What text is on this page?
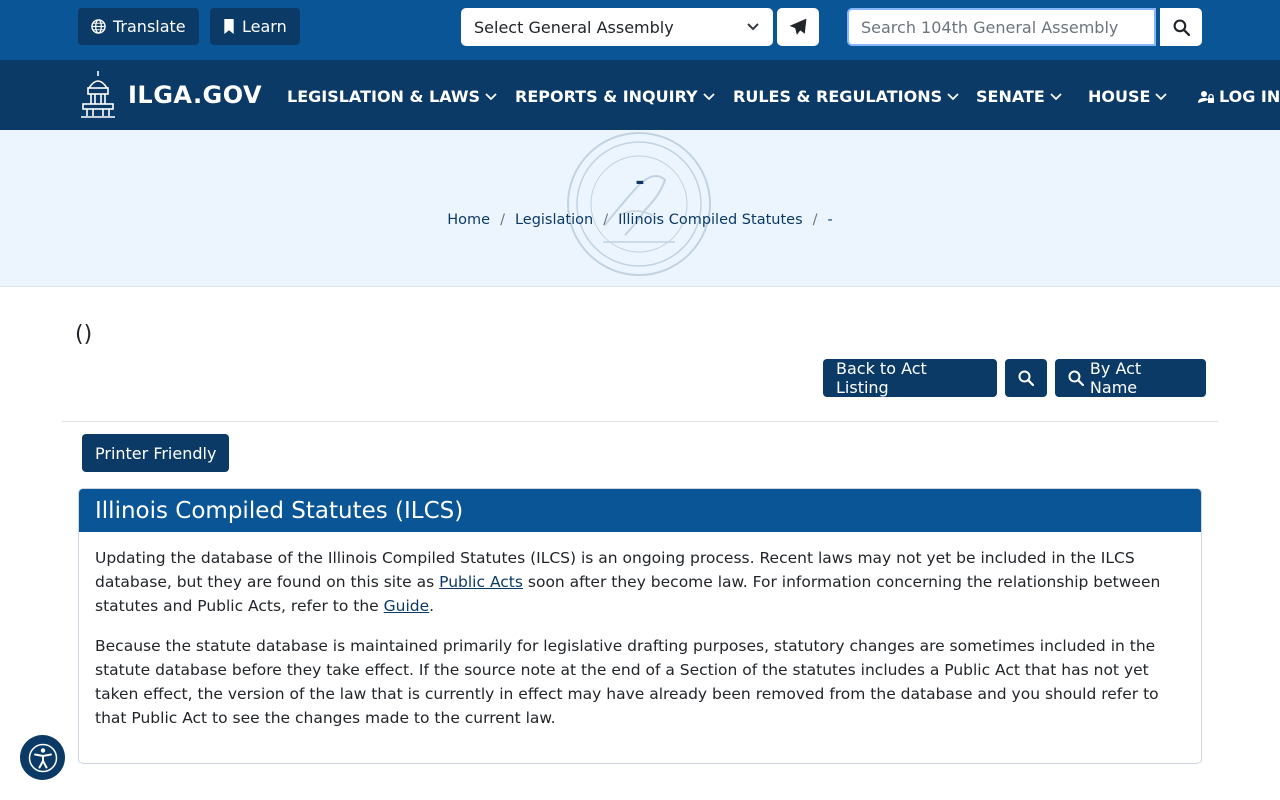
Translate	Learn	Select General Assembly
Search 104th General Assembly
ILGA.GOV LEGISLATION & LAWS REPORTS & INQUIRY RULES & REGULATIONS SENATE	HOUSE	LOG IN
-
Home / Legislation / Illinois Compiled Statutes / -
()
Back to Act Listing
By Act Name
Printer Friendly
Illinois Compiled Statutes (ILCS)

Updating the database of the Illinois Compiled Statutes (ILCS) is an ongoing process. Recent laws may not yet be included in the ILCS database, but they are found on this site as Public Acts soon after they become law. For information concerning the relationship between statutes and Public Acts, refer to the Guide.

Because the statute database is maintained primarily for legislative drafting purposes, statutory changes are sometimes included in the statute database before they take effect. If the source note at the end of a Section of the statutes includes a Public Act that has not yet taken effect, the version of the law that is currently in effect may have already been removed from the database and you should refer to that Public Act to see the changes made to the current law.
